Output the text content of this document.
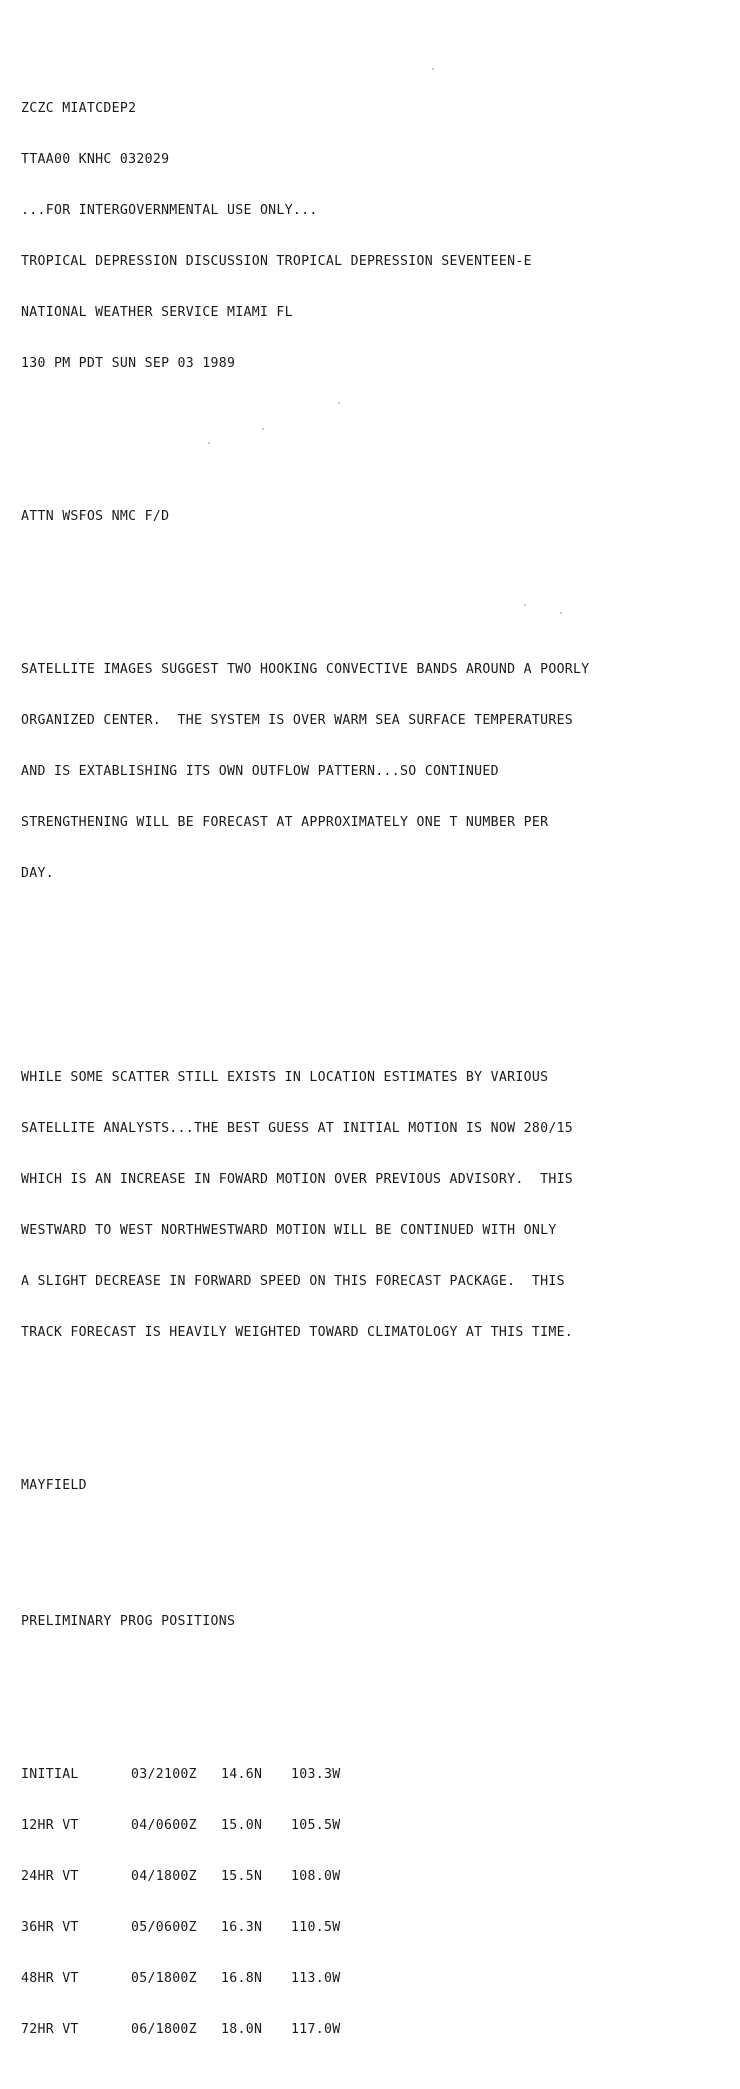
ZCZC MIATCDEP2

TTAA00 KNHC 032029

...FOR INTERGOVERNMENTAL USE ONLY...

TROPICAL DEPRESSION DISCUSSION TROPICAL DEPRESSION SEVENTEEN-E

NATIONAL WEATHER SERVICE MIAMI FL

130 PM PDT SUN SEP 03 1989

ATTN WSFOS NMC F/D

SATELLITE IMAGES SUGGEST TWO HOOKING CONVECTIVE BANDS AROUND A POORLY

ORGANIZED CENTER.  THE SYSTEM IS OVER WARM SEA SURFACE TEMPERATURES

AND IS EXTABLISHING ITS OWN OUTFLOW PATTERN...SO CONTINUED

STRENGTHENING WILL BE FORECAST AT APPROXIMATELY ONE T NUMBER PER

DAY.

WHILE SOME SCATTER STILL EXISTS IN LOCATION ESTIMATES BY VARIOUS

SATELLITE ANALYSTS...THE BEST GUESS AT INITIAL MOTION IS NOW 280/15

WHICH IS AN INCREASE IN FOWARD MOTION OVER PREVIOUS ADVISORY.  THIS

WESTWARD TO WEST NORTHWESTWARD MOTION WILL BE CONTINUED WITH ONLY

A SLIGHT DECREASE IN FORWARD SPEED ON THIS FORECAST PACKAGE.  THIS

TRACK FORECAST IS HEAVILY WEIGHTED TOWARD CLIMATOLOGY AT THIS TIME.

MAYFIELD

PRELIMINARY PROG POSITIONS

INITIAL	03/2100Z	14.6N	103.3W

12HR VT	04/0600Z	15.0N	105.5W

24HR VT	04/1800Z	15.5N	108.0W

36HR VT	05/0600Z	16.3N	110.5W

48HR VT	05/1800Z	16.8N	113.0W

72HR VT	06/1800Z	18.0N	117.0W
